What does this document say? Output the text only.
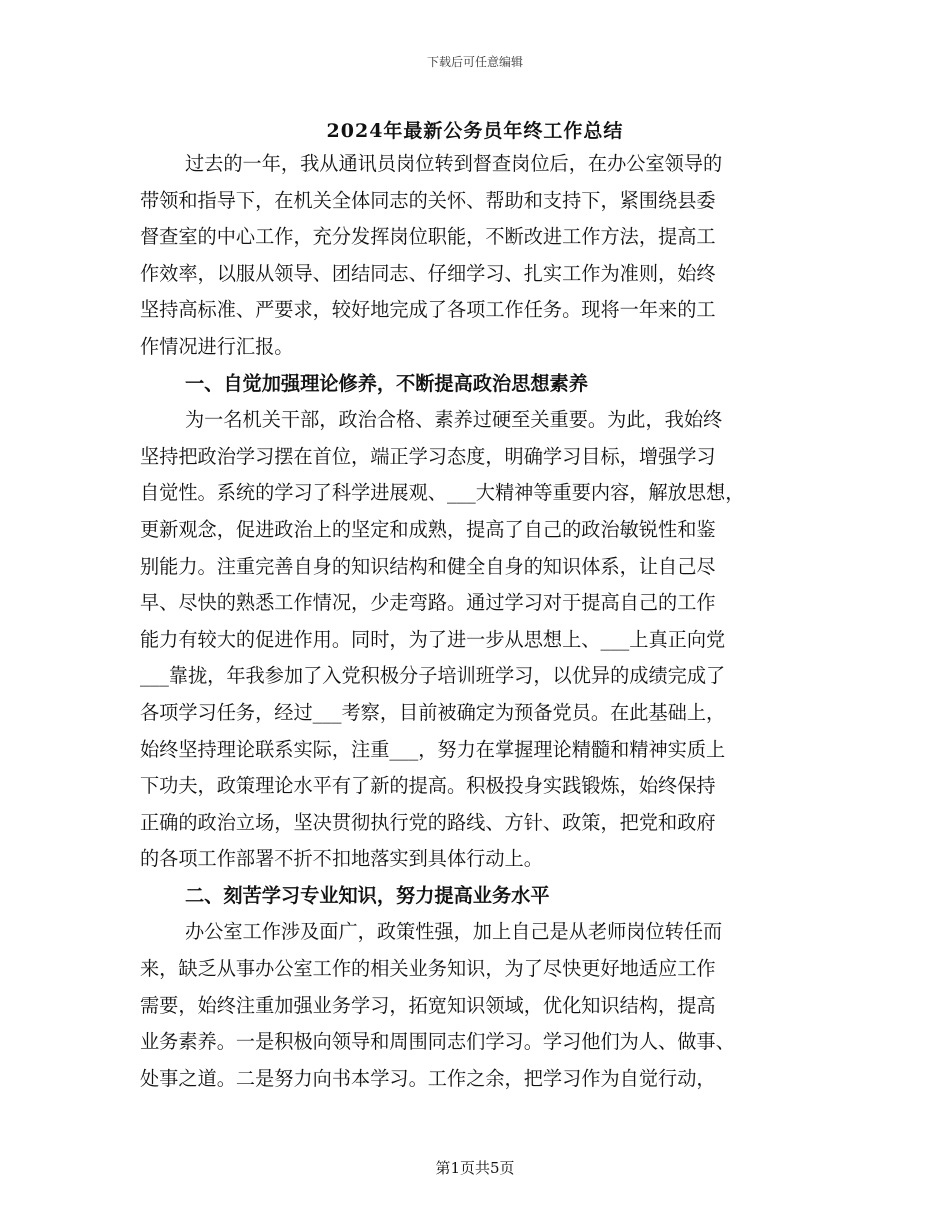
下载后可任意编辑
2024年最新公务员年终工作总结
过去的一年，我从通讯员岗位转到督查岗位后，在办公室领导的
带领和指导下，在机关全体同志的关怀、帮助和支持下，紧围绕县委
督查室的中心工作，充分发挥岗位职能，不断改进工作方法，提高工
作效率，以服从领导、团结同志、仔细学习、扎实工作为准则，始终
坚持高标准、严要求，较好地完成了各项工作任务。现将一年来的工
作情况进行汇报。
一、自觉加强理论修养，不断提高政治思想素养
为一名机关干部，政治合格、素养过硬至关重要。为此，我始终
坚持把政治学习摆在首位，端正学习态度，明确学习目标，增强学习
自觉性。系统的学习了科学进展观、___大精神等重要内容，解放思想，
更新观念，促进政治上的坚定和成熟，提高了自己的政治敏锐性和鉴
别能力。注重完善自身的知识结构和健全自身的知识体系，让自己尽
早、尽快的熟悉工作情况，少走弯路。通过学习对于提高自己的工作
能力有较大的促进作用。同时，为了进一步从思想上、___上真正向党
___靠拢，年我参加了入党积极分子培训班学习，以优异的成绩完成了
各项学习任务，经过___考察，目前被确定为预备党员。在此基础上，
始终坚持理论联系实际，注重___，努力在掌握理论精髓和精神实质上
下功夫，政策理论水平有了新的提高。积极投身实践锻炼，始终保持
正确的政治立场，坚决贯彻执行党的路线、方针、政策，把党和政府
的各项工作部署不折不扣地落实到具体行动上。
二、刻苦学习专业知识，努力提高业务水平
办公室工作涉及面广，政策性强，加上自己是从老师岗位转任而
来，缺乏从事办公室工作的相关业务知识，为了尽快更好地适应工作
需要，始终注重加强业务学习，拓宽知识领域，优化知识结构，提高
业务素养。一是积极向领导和周围同志们学习。学习他们为人、做事、
处事之道。二是努力向书本学习。工作之余，把学习作为自觉行动，
第1页共5页
